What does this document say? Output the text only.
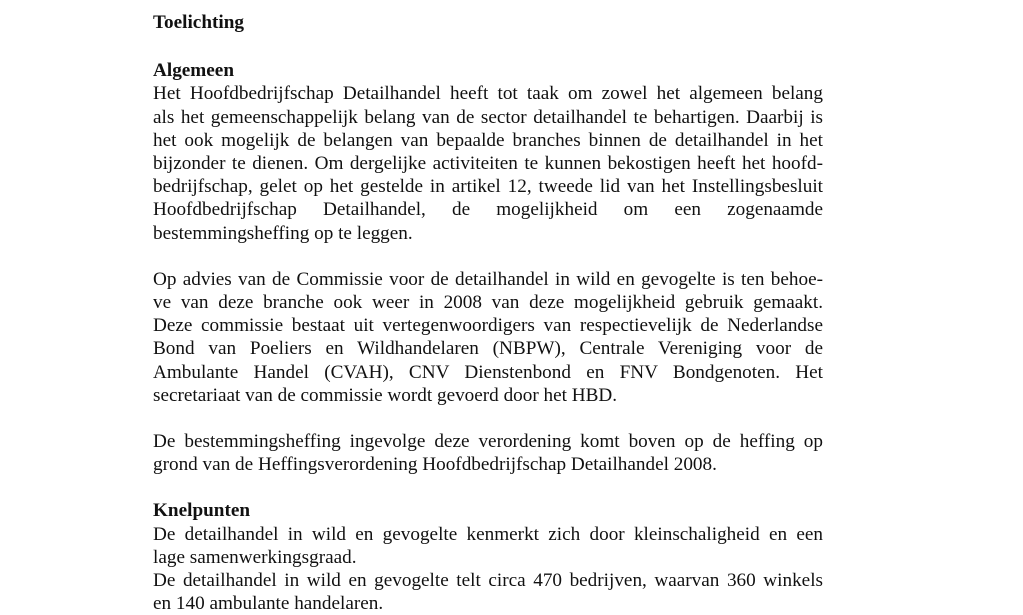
Toelichting
Algemeen
Het Hoofdbedrijfschap Detailhandel heeft tot taak om zowel het algemeen belang
als het gemeenschappelijk belang van de sector detailhandel te behartigen. Daarbij is
het ook mogelijk de belangen van bepaalde branches binnen de detailhandel in het
bijzonder te dienen. Om dergelijke activiteiten te kunnen bekostigen heeft het hoofd-
bedrijfschap, gelet op het gestelde in artikel 12, tweede lid van het Instellingsbesluit
Hoofdbedrijfschap Detailhandel, de mogelijkheid om een zogenaamde
bestemmingsheffing op te leggen.
Op advies van de Commissie voor de detailhandel in wild en gevogelte is ten behoe-
ve van deze branche ook weer in 2008 van deze mogelijkheid gebruik gemaakt.
Deze commissie bestaat uit vertegenwoordigers van respectievelijk de Nederlandse
Bond van Poeliers en Wildhandelaren (NBPW), Centrale Vereniging voor de
Ambulante Handel (CVAH), CNV Dienstenbond en FNV Bondgenoten. Het
secretariaat van de commissie wordt gevoerd door het HBD.
De bestemmingsheffing ingevolge deze verordening komt boven op de heffing op
grond van de Heffingsverordening Hoofdbedrijfschap Detailhandel 2008.
Knelpunten
De detailhandel in wild en gevogelte kenmerkt zich door kleinschaligheid en een
lage samenwerkingsgraad.
De detailhandel in wild en gevogelte telt circa 470 bedrijven, waarvan 360 winkels
en 140 ambulante handelaren.
